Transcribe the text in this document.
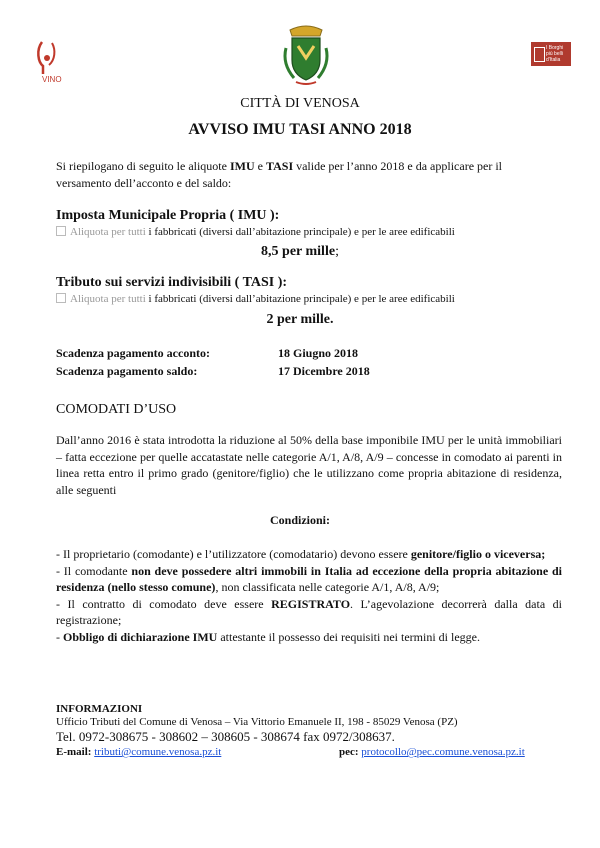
VINO
I Borghi più belli d'Italia
CITTÀ DI VENOSA
AVVISO IMU TASI ANNO 2018
Si riepilogano di seguito le aliquote IMU e TASI valide per l’anno 2018 e da applicare per il versamento dell’acconto e del saldo:
Imposta Municipale Propria ( IMU ):
Aliquota per tutti i fabbricati (diversi dall’abitazione principale) e per le aree edificabili
8,5 per mille;
Tributo sui servizi indivisibili ( TASI ):
Aliquota per tutti i fabbricati (diversi dall’abitazione principale) e per le aree edificabili
2 per mille.
Scadenza pagamento acconto:	18 Giugno 2018
Scadenza pagamento saldo:	17 Dicembre 2018
COMODATI D’USO
Dall’anno 2016 è stata introdotta la riduzione al 50% della base imponibile IMU per le unità immobiliari – fatta eccezione per quelle accatastate nelle categorie A/1, A/8, A/9 – concesse in comodato ai parenti in linea retta entro il primo grado (genitore/figlio) che le utilizzano come propria abitazione di residenza, alle seguenti
Condizioni:

- Il proprietario (comodante) e l’utilizzatore (comodatario) devono essere genitore/figlio o viceversa;

- Il comodante non deve possedere altri immobili in Italia ad eccezione della propria abitazione di residenza (nello stesso comune), non classificata nelle categorie A/1, A/8, A/9;

- Il contratto di comodato deve essere REGISTRATO. L’agevolazione decorrerà dalla data di registrazione;

- Obbligo di dichiarazione IMU attestante il possesso dei requisiti nei termini di legge.

INFORMAZIONI
Ufficio Tributi del Comune di Venosa – Via Vittorio Emanuele II, 198 - 85029 Venosa (PZ)
Tel. 0972-308675 - 308602 – 308605 - 308674 fax 0972/308637.
E-mail: tributi@comune.venosa.pz.it	pec: protocollo@pec.comune.venosa.pz.it
